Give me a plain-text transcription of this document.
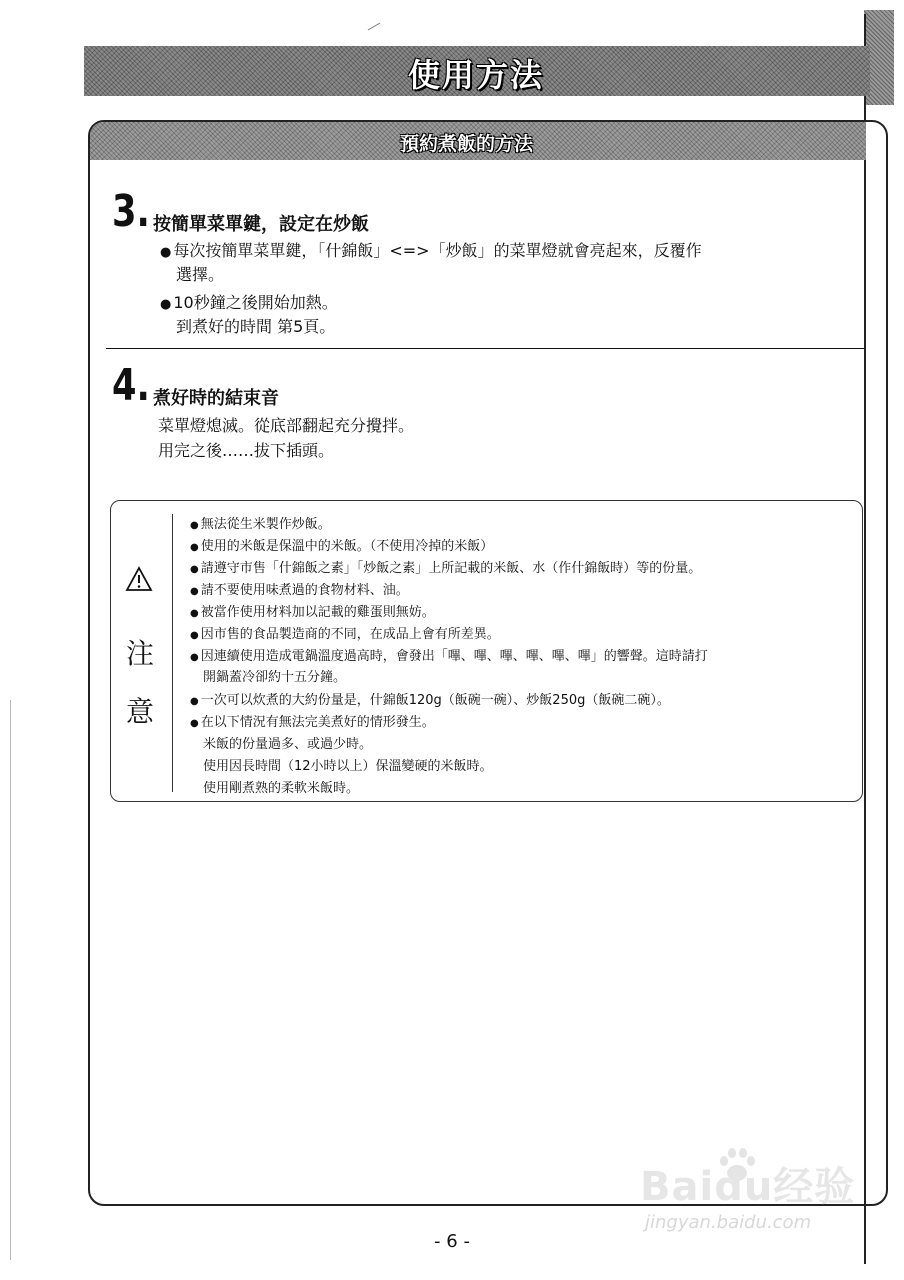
使用方法
預約煮飯的方法
3. 按簡單菜單鍵，設定在炒飯
● 每次按簡單菜單鍵，「什錦飯」<=>「炒飯」的菜單燈就會亮起來，反覆作
選擇。
● 10秒鐘之後開始加熱。
到煮好的時間 第5頁。
4. 煮好時的結束音
菜單燈熄滅。從底部翻起充分攪拌。
用完之後……拔下插頭。
注
意
● 無法從生米製作炒飯。
● 使用的米飯是保溫中的米飯。（不使用冷掉的米飯）
● 請遵守市售「什錦飯之素」「炒飯之素」上所記載的米飯、水（作什錦飯時）等的份量。
● 請不要使用味煮過的食物材料、油。
● 被當作使用材料加以記載的雞蛋則無妨。
● 因市售的食品製造商的不同，在成品上會有所差異。
● 因連續使用造成電鍋溫度過高時，會發出「嗶、嗶、嗶、嗶、嗶、嗶」的響聲。這時請打
開鍋蓋冷卻約十五分鐘。
● 一次可以炊煮的大約份量是，什錦飯120g（飯碗一碗）、炒飯250g（飯碗二碗）。
● 在以下情況有無法完美煮好的情形發生。
米飯的份量過多、或過少時。
使用因長時間（12小時以上）保溫變硬的米飯時。
使用剛煮熟的柔軟米飯時。
Baidu经验
jingyan.baidu.com
- 6 -
